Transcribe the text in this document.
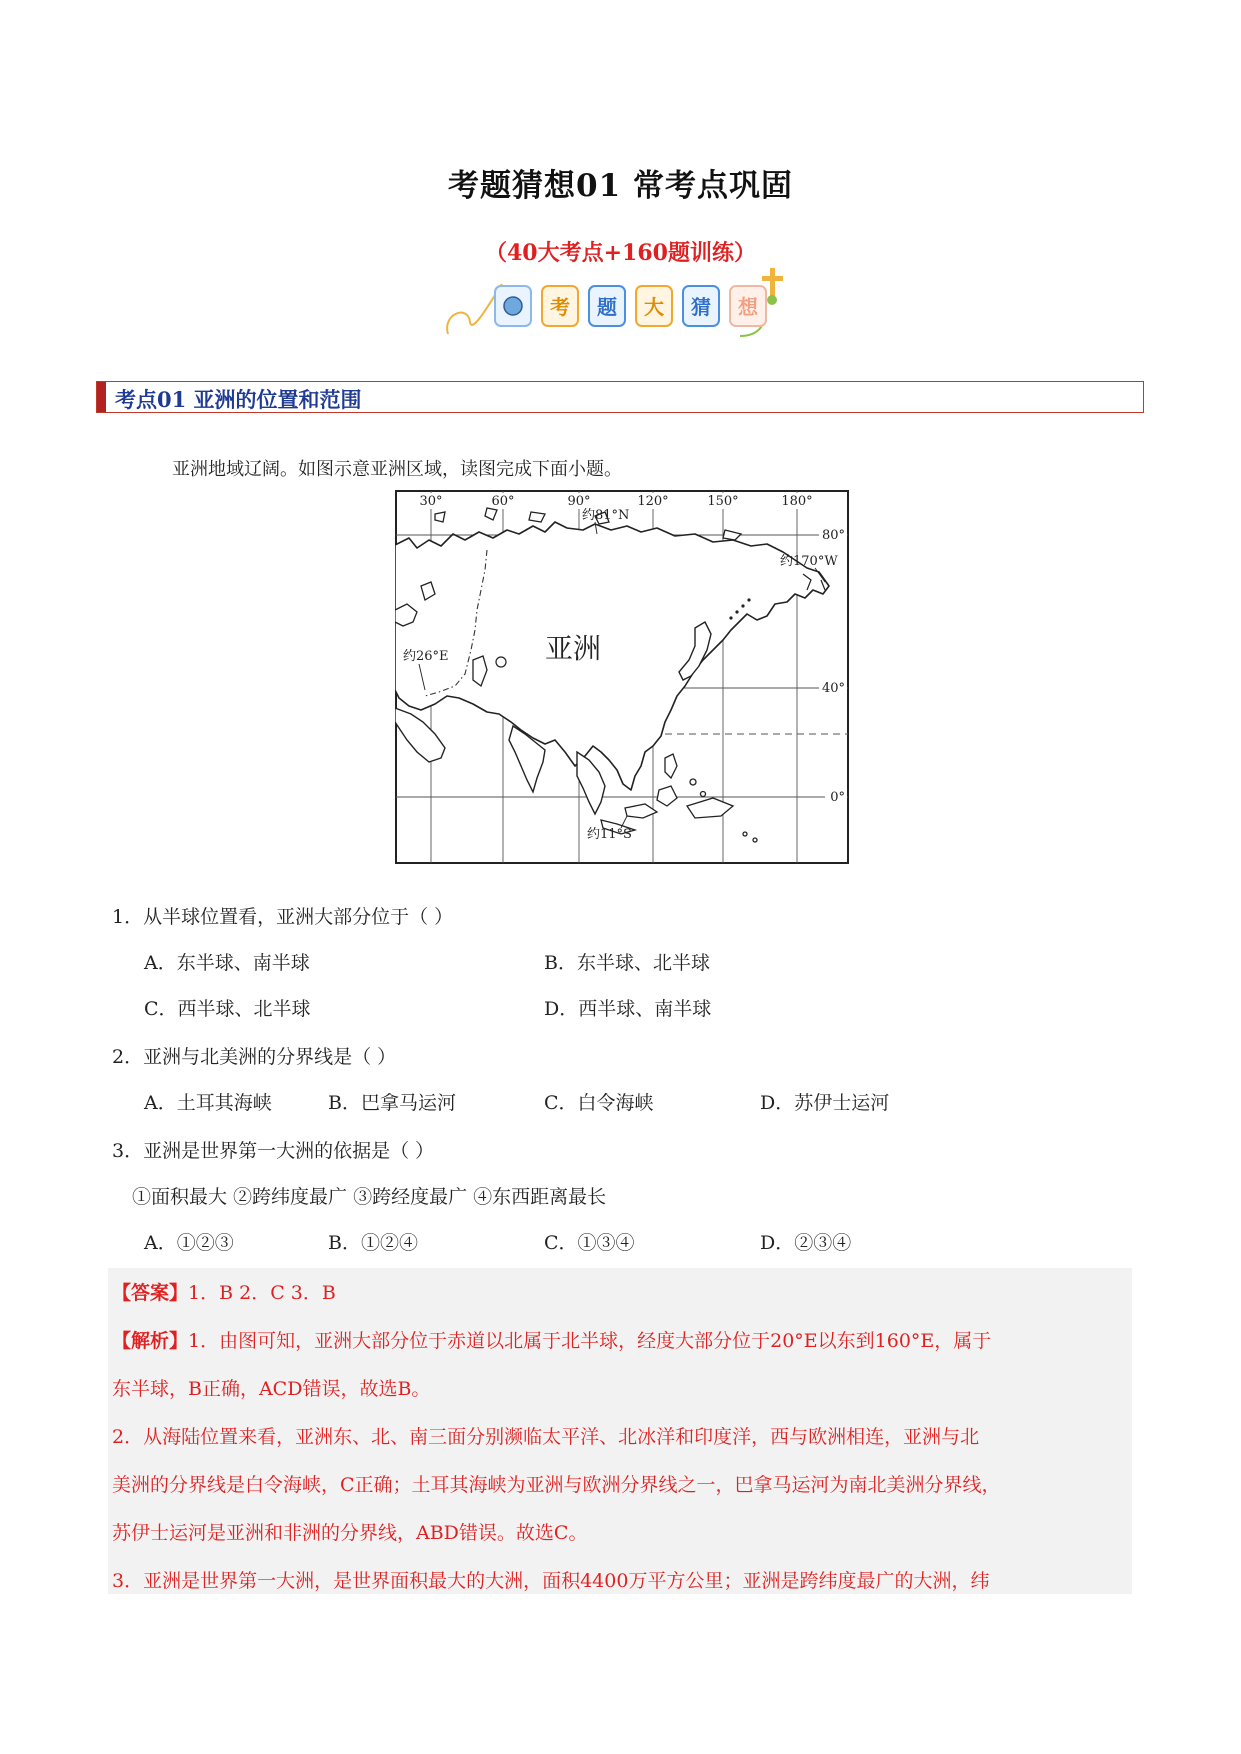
考题猜想01 常考点巩固
（40大考点+160题训练）
考 题 大 猜 想
考点01 亚洲的位置和范围
亚洲地域辽阔。如图示意亚洲区域，读图完成下面小题。
30°	60°	90°	120°	150°	180°
80°
40°
0°
约81°N
约170°W
约26°E
约11°S
亚洲
1．从半球位置看，亚洲大部分位于（ ）
A．东半球、南半球	B．东半球、北半球
C．西半球、北半球	D．西半球、南半球
2．亚洲与北美洲的分界线是（ ）
A．土耳其海峡	B．巴拿马运河	C．白令海峡	D．苏伊士运河
3．亚洲是世界第一大洲的依据是（ ）
①面积最大 ②跨纬度最广 ③跨经度最广 ④东西距离最长
A．①②③	B．①②④	C．①③④	D．②③④
【答案】1．B 2．C 3．B
【解析】1．由图可知，亚洲大部分位于赤道以北属于北半球，经度大部分位于20°E以东到160°E，属于
东半球，B正确，ACD错误，故选B。
2．从海陆位置来看，亚洲东、北、南三面分别濒临太平洋、北冰洋和印度洋，西与欧洲相连，亚洲与北
美洲的分界线是白令海峡，C正确；土耳其海峡为亚洲与欧洲分界线之一，巴拿马运河为南北美洲分界线，
苏伊士运河是亚洲和非洲的分界线，ABD错误。故选C。
3．亚洲是世界第一大洲，是世界面积最大的大洲，面积4400万平方公里；亚洲是跨纬度最广的大洲，纬
